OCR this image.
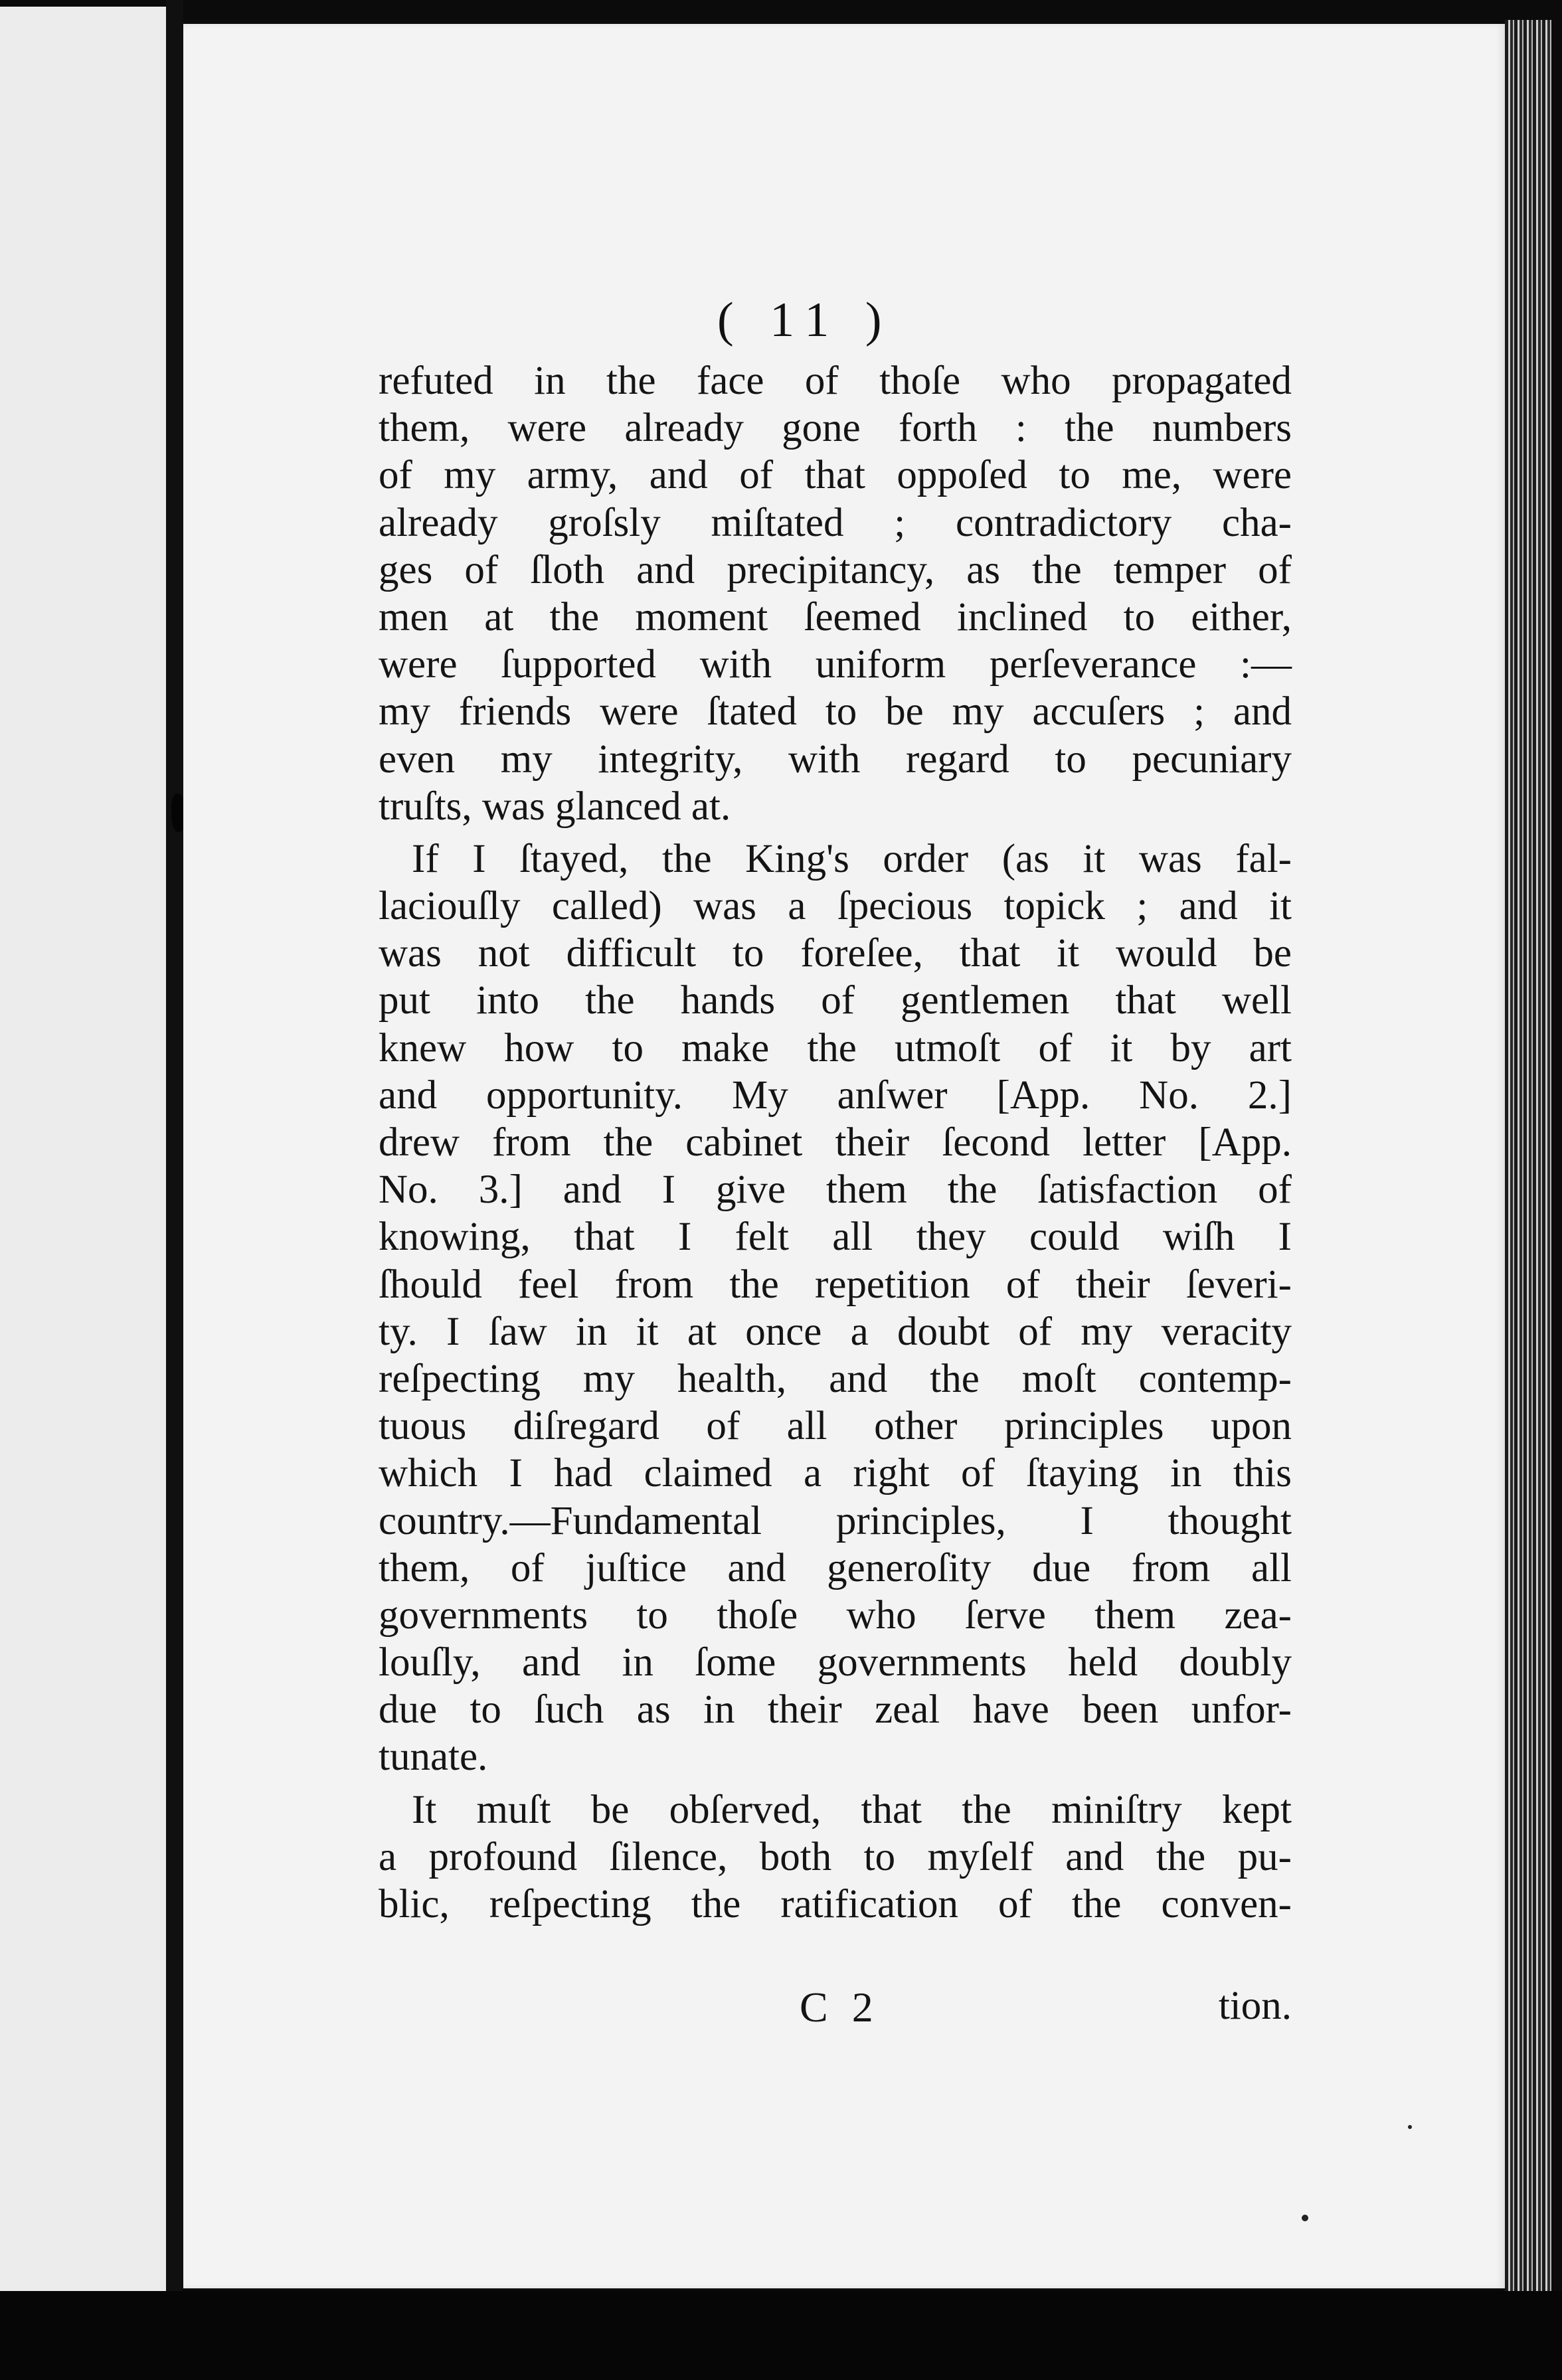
( 11 )
refuted in the face of thoſe who propagated
them, were already gone forth : the numbers
of my army, and of that oppoſed to me, were
already groſsly miſtated ; contradictory cha-
ges of ſloth and precipitancy, as the temper of
men at the moment ſeemed inclined to either,
were ſupported with uniform perſeverance :—
my friends were ſtated to be my accuſers ; and
even my integrity, with regard to pecuniary
truſts, was glanced at.
If I ſtayed, the King's order (as it was fal-
laciouſly called) was a ſpecious topick ; and it
was not difficult to foreſee, that it would be
put into the hands of gentlemen that well
knew how to make the utmoſt of it by art
and opportunity. My anſwer [App. No. 2.]
drew from the cabinet their ſecond letter [App.
No. 3.] and I give them the ſatisfaction of
knowing, that I felt all they could wiſh I
ſhould feel from the repetition of their ſeveri-
ty. I ſaw in it at once a doubt of my veracity
reſpecting my health, and the moſt contemp-
tuous diſregard of all other principles upon
which I had claimed a right of ſtaying in this
country.—Fundamental principles, I thought
them, of juſtice and generoſity due from all
governments to thoſe who ſerve them zea-
louſly, and in ſome governments held doubly
due to ſuch as in their zeal have been unfor-
tunate.
It muſt be obſerved, that the miniſtry kept
a profound ſilence, both to myſelf and the pu-
blic, reſpecting the ratification of the conven-
C 2	tion.
